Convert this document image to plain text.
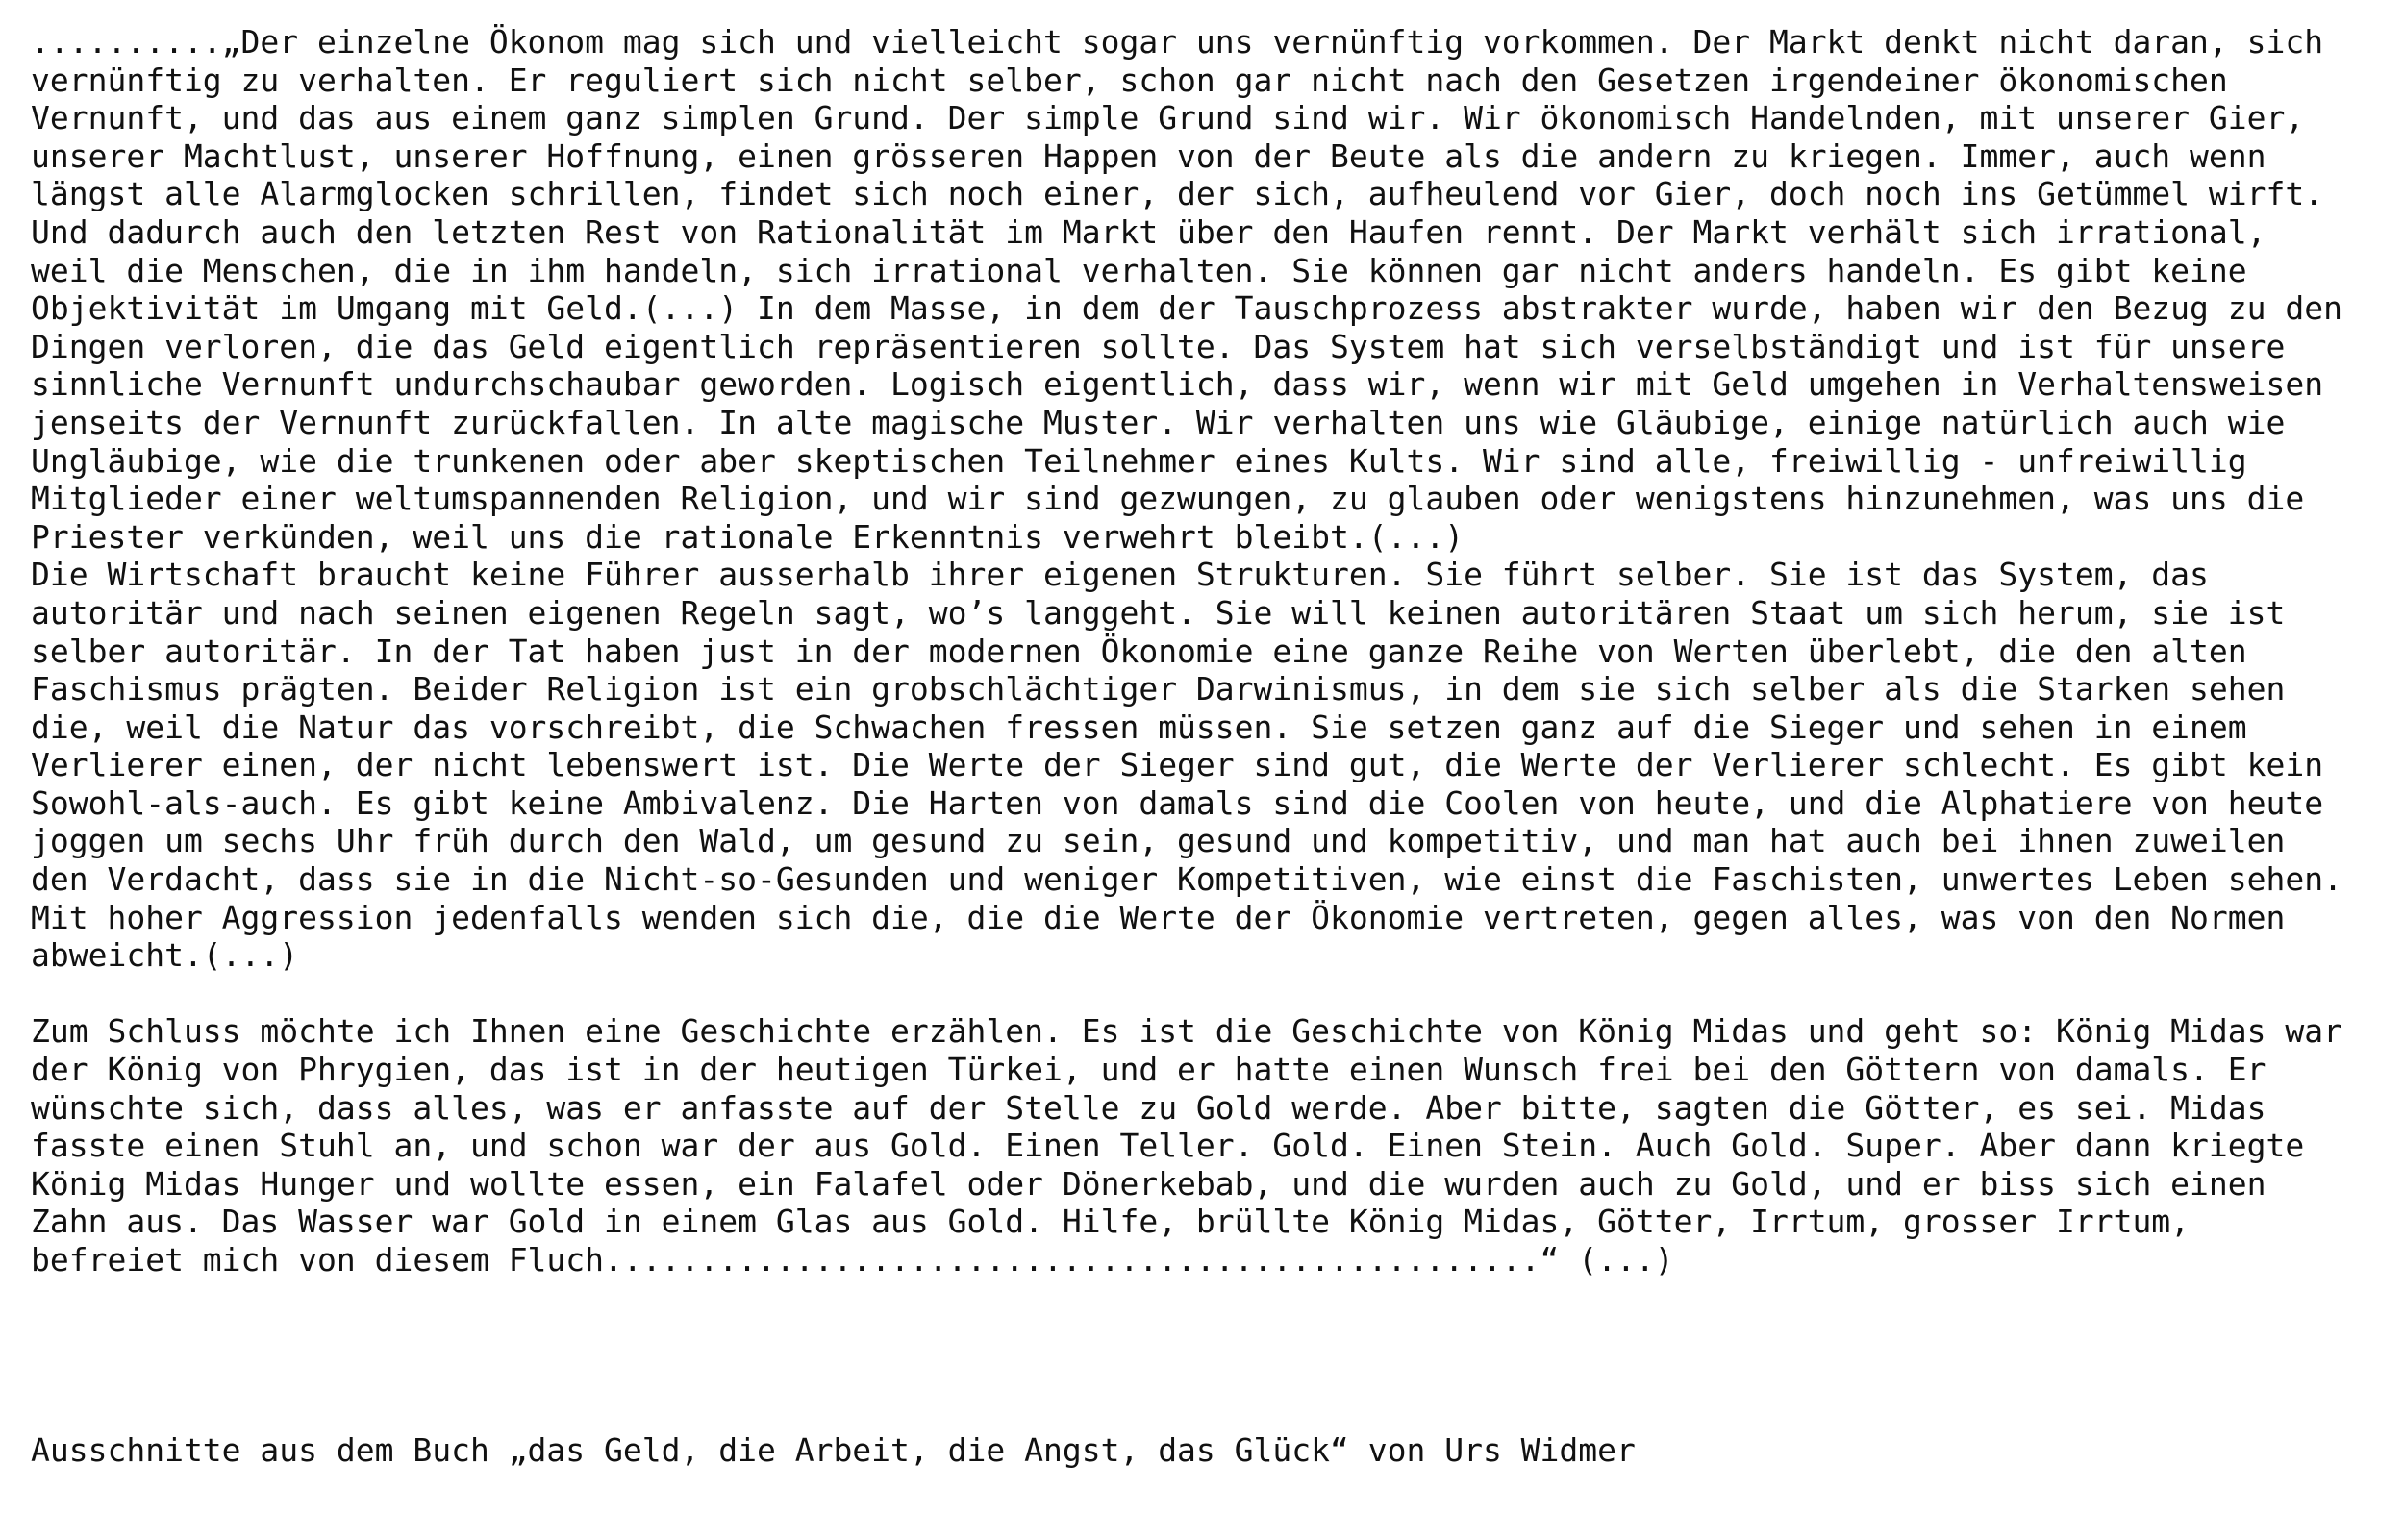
..........„Der einzelne Ökonom mag sich und vielleicht sogar uns vernünftig vorkommen. Der Markt denkt nicht daran, sich
vernünftig zu verhalten. Er reguliert sich nicht selber, schon gar nicht nach den Gesetzen irgendeiner ökonomischen
Vernunft, und das aus einem ganz simplen Grund. Der simple Grund sind wir. Wir ökonomisch Handelnden, mit unserer Gier,
unserer Machtlust, unserer Hoffnung, einen grösseren Happen von der Beute als die andern zu kriegen. Immer, auch wenn
längst alle Alarmglocken schrillen, findet sich noch einer, der sich, aufheulend vor Gier, doch noch ins Getümmel wirft.
Und dadurch auch den letzten Rest von Rationalität im Markt über den Haufen rennt. Der Markt verhält sich irrational,
weil die Menschen, die in ihm handeln, sich irrational verhalten. Sie können gar nicht anders handeln. Es gibt keine
Objektivität im Umgang mit Geld.(...) In dem Masse, in dem der Tauschprozess abstrakter wurde, haben wir den Bezug zu den
Dingen verloren, die das Geld eigentlich repräsentieren sollte. Das System hat sich verselbständigt und ist für unsere
sinnliche Vernunft undurchschaubar geworden. Logisch eigentlich, dass wir, wenn wir mit Geld umgehen in Verhaltensweisen
jenseits der Vernunft zurückfallen. In alte magische Muster. Wir verhalten uns wie Gläubige, einige natürlich auch wie
Ungläubige, wie die trunkenen oder aber skeptischen Teilnehmer eines Kults. Wir sind alle, freiwillig - unfreiwillig
Mitglieder einer weltumspannenden Religion, und wir sind gezwungen, zu glauben oder wenigstens hinzunehmen, was uns die
Priester verkünden, weil uns die rationale Erkenntnis verwehrt bleibt.(...)
Die Wirtschaft braucht keine Führer ausserhalb ihrer eigenen Strukturen. Sie führt selber. Sie ist das System, das
autoritär und nach seinen eigenen Regeln sagt, wo’s langgeht. Sie will keinen autoritären Staat um sich herum, sie ist
selber autoritär. In der Tat haben just in der modernen Ökonomie eine ganze Reihe von Werten überlebt, die den alten
Faschismus prägten. Beider Religion ist ein grobschlächtiger Darwinismus, in dem sie sich selber als die Starken sehen
die, weil die Natur das vorschreibt, die Schwachen fressen müssen. Sie setzen ganz auf die Sieger und sehen in einem
Verlierer einen, der nicht lebenswert ist. Die Werte der Sieger sind gut, die Werte der Verlierer schlecht. Es gibt kein
Sowohl-als-auch. Es gibt keine Ambivalenz. Die Harten von damals sind die Coolen von heute, und die Alphatiere von heute
joggen um sechs Uhr früh durch den Wald, um gesund zu sein, gesund und kompetitiv, und man hat auch bei ihnen zuweilen
den Verdacht, dass sie in die Nicht-so-Gesunden und weniger Kompetitiven, wie einst die Faschisten, unwertes Leben sehen.
Mit hoher Aggression jedenfalls wenden sich die, die die Werte der Ökonomie vertreten, gegen alles, was von den Normen
abweicht.(...)
Zum Schluss möchte ich Ihnen eine Geschichte erzählen. Es ist die Geschichte von König Midas und geht so: König Midas war
der König von Phrygien, das ist in der heutigen Türkei, und er hatte einen Wunsch frei bei den Göttern von damals. Er
wünschte sich, dass alles, was er anfasste auf der Stelle zu Gold werde. Aber bitte, sagten die Götter, es sei. Midas
fasste einen Stuhl an, und schon war der aus Gold. Einen Teller. Gold. Einen Stein. Auch Gold. Super. Aber dann kriegte
König Midas Hunger und wollte essen, ein Falafel oder Dönerkebab, und die wurden auch zu Gold, und er biss sich einen
Zahn aus. Das Wasser war Gold in einem Glas aus Gold. Hilfe, brüllte König Midas, Götter, Irrtum, grosser Irrtum,
befreiet mich von diesem Fluch.................................................“ (...)
Ausschnitte aus dem Buch „das Geld, die Arbeit, die Angst, das Glück“ von Urs Widmer
